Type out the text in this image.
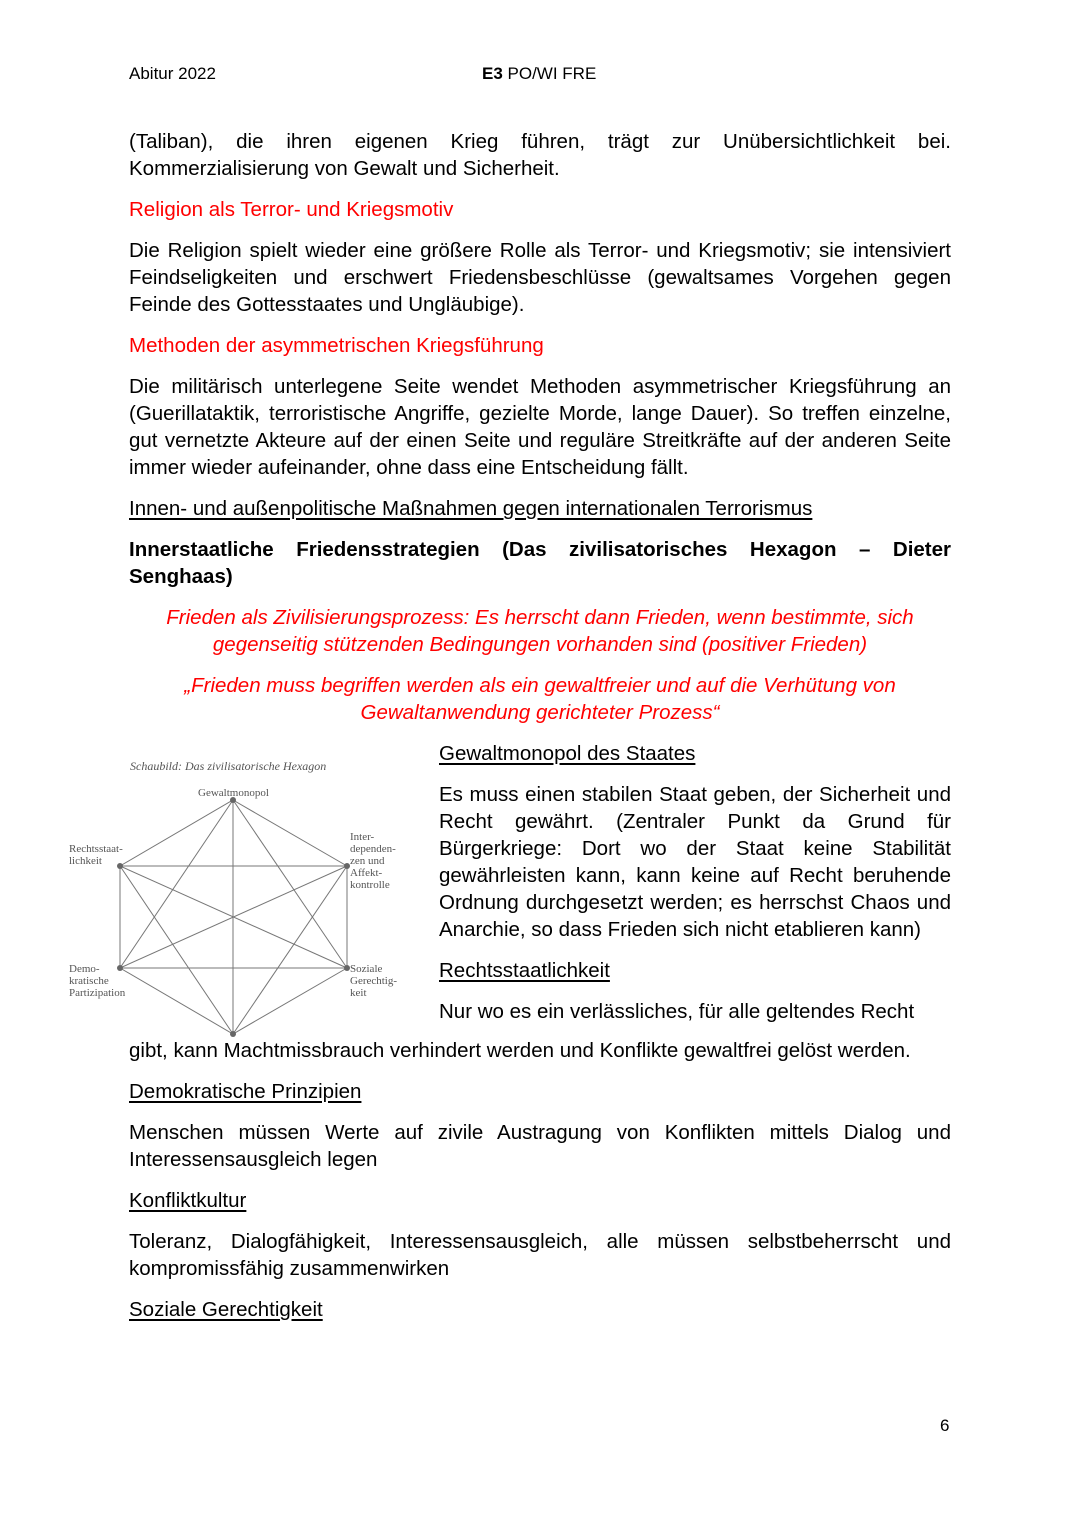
Abitur 2022	E3 PO/WI FRE

(Taliban), die ihren eigenen Krieg führen, trägt zur Unübersichtlichkeit bei. Kommerzialisierung von Gewalt und Sicherheit.

Religion als Terror- und Kriegsmotiv

Die Religion spielt wieder eine größere Rolle als Terror- und Kriegsmotiv; sie intensiviert Feindseligkeiten und erschwert Friedensbeschlüsse (gewaltsames Vorgehen gegen Feinde des Gottesstaates und Ungläubige).

Methoden der asymmetrischen Kriegsführung

Die militärisch unterlegene Seite wendet Methoden asymmetrischer Kriegsführung an (Guerillataktik, terroristische Angriffe, gezielte Morde, lange Dauer). So treffen einzelne, gut vernetzte Akteure auf der einen Seite und reguläre Streitkräfte auf der anderen Seite immer wieder aufeinander, ohne dass eine Entscheidung fällt.

Innen- und außenpolitische Maßnahmen gegen internationalen Terrorismus

Innerstaatliche Friedensstrategien (Das zivilisatorisches Hexagon – Dieter Senghaas)

Frieden als Zivilisierungsprozess: Es herrscht dann Frieden, wenn bestimmte, sich gegenseitig stützenden Bedingungen vorhanden sind (positiver Frieden)

„Frieden muss begriffen werden als ein gewaltfreier und auf die Verhütung von Gewaltanwendung gerichteter Prozess“

Schaubild: Das zivilisatorische Hexagon
Gewaltmonopol
Rechtsstaat-
lichkeit
Inter-
dependen-
zen und
Affekt-
kontrolle
Demo-
kratische
Partizipation
Soziale
Gerechtig-
keit
Gewaltmonopol des Staates

Es muss einen stabilen Staat geben, der Sicherheit und Recht gewährt. (Zentraler Punkt da Grund für Bürgerkriege: Dort wo der Staat keine Stabilität gewährleisten kann, kann keine auf Recht beruhende Ordnung durchgesetzt werden; es herrschst Chaos und Anarchie, so dass Frieden sich nicht etablieren kann)

Rechtsstaatlichkeit

Nur wo es ein verlässliches, für alle geltendes Recht

gibt, kann Machtmissbrauch verhindert werden und Konflikte gewaltfrei gelöst werden.

Demokratische Prinzipien

Menschen müssen Werte auf zivile Austragung von Konflikten mittels Dialog und Interessensausgleich legen

Konfliktkultur

Toleranz, Dialogfähigkeit, Interessensausgleich, alle müssen selbstbeherrscht und kompromissfähig zusammenwirken

Soziale Gerechtigkeit
6
